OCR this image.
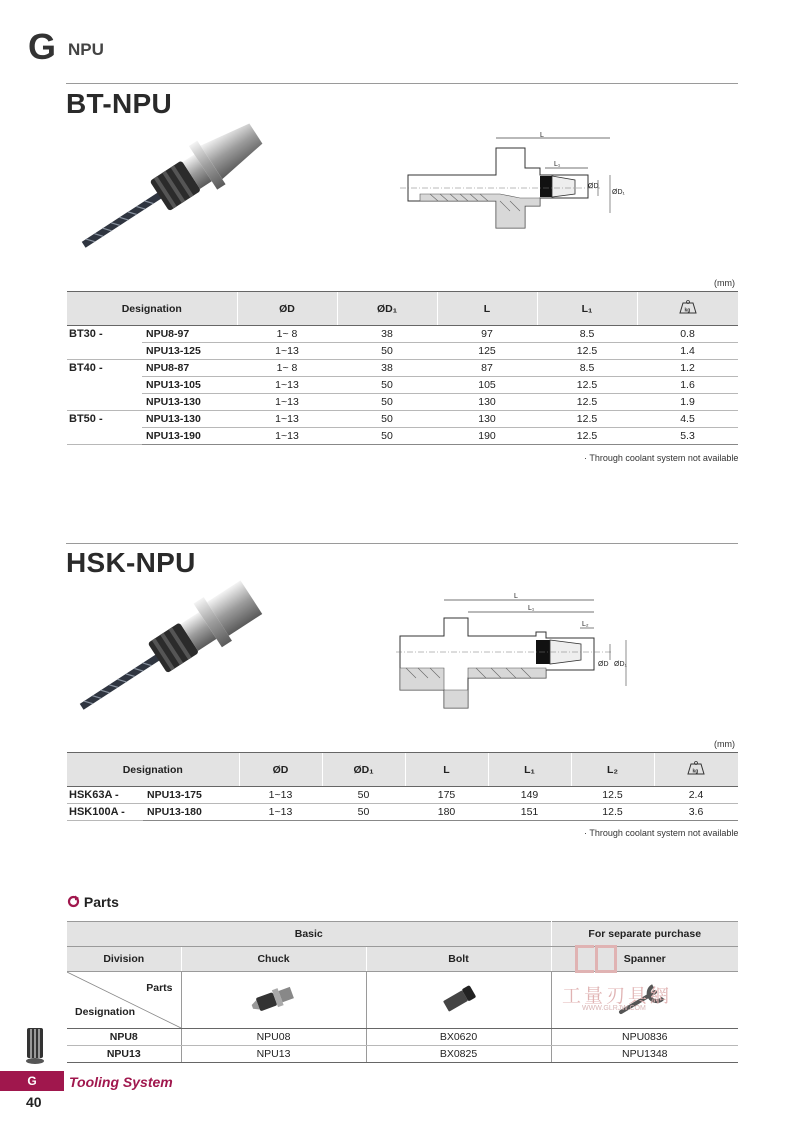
G NPU
BT-NPU
L
L₁
ØD
ØD₁
(mm)
Designation		ØD	ØD₁	L	L₁	kg

BT30 -	NPU8-97	1~ 8	38	97	8.5	0.8
	NPU13-125	1~13	50	125	12.5	1.4
BT40 -	NPU8-87	1~ 8	38	87	8.5	1.2
	NPU13-105	1~13	50	105	12.5	1.6
	NPU13-130	1~13	50	130	12.5	1.9
BT50 -	NPU13-130	1~13	50	130	12.5	4.5
	NPU13-190	1~13	50	190	12.5	5.3
· Through coolant system not available
HSK-NPU
L
L₁
L₂
ØD ØD₁
(mm)
Designation		ØD	ØD₁	L	L₁	L₂	kg

HSK63A -	NPU13-175	1~13	50	175	149	12.5	2.4
HSK100A -	NPU13-180	1~13	50	180	151	12.5	3.6
· Through coolant system not available
Parts
Basic			For separate purchase
Division	Chuck	Bolt	Spanner

Parts
Designation

NPU8	NPU08	BX0620	NPU0836
NPU13	NPU13	BX0825	NPU1348
工量刃具網
WWW.GLRJW.COM
G	Tooling System
40
